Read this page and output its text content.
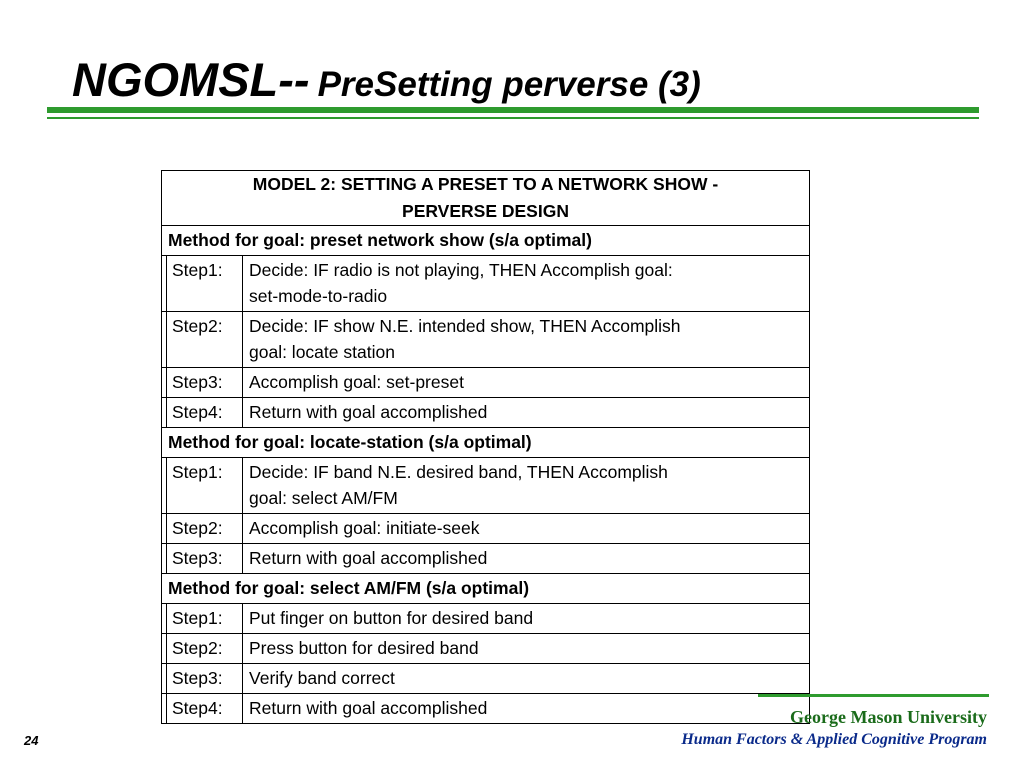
NGOMSL-- PreSetting perverse (3)
MODEL 2: SETTING A PRESET TO A NETWORK SHOW -
PERVERSE DESIGN		
Method for goal: preset network show (s/a optimal)		
	Step1:	Decide: IF radio is not playing, THEN Accomplish goal:
set-mode-to-radio
	Step2:	Decide: IF show N.E. intended show, THEN Accomplish
goal: locate station
	Step3:	Accomplish goal: set-preset
	Step4:	Return with goal accomplished
Method for goal: locate-station (s/a optimal)		
	Step1:	Decide: IF band N.E. desired band, THEN Accomplish
goal: select AM/FM
	Step2:	Accomplish goal: initiate-seek
	Step3:	Return with goal accomplished
Method for goal: select AM/FM (s/a optimal)		
	Step1:	Put finger on button for desired band
	Step2:	Press button for desired band
	Step3:	Verify band correct
	Step4:	Return with goal accomplished	George Mason University
Human Factors & Applied Cognitive Program
24
